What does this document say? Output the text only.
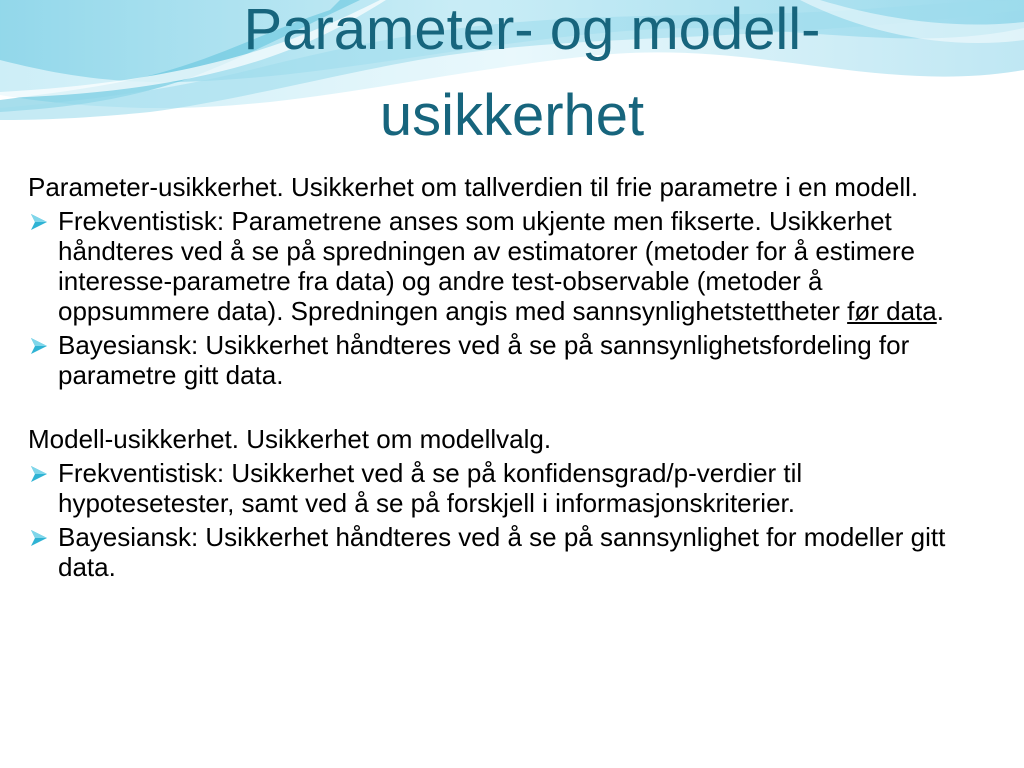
Parameter- og modell-
usikkerhet

Parameter-usikkerhet. Usikkerhet om tallverdien til frie parametre i en modell.

Frekventistisk: Parametrene anses som ukjente men fikserte. Usikkerhet håndteres ved å se på spredningen av estimatorer (metoder for å estimere interesse-parametre fra data) og andre test-observable (metoder å oppsummere data). Spredningen angis med sannsynlighetstettheter før data.
Bayesiansk: Usikkerhet håndteres ved å se på sannsynlighetsfordeling for parametre gitt data.

Modell-usikkerhet. Usikkerhet om modellvalg.

Frekventistisk: Usikkerhet ved å se på konfidensgrad/p-verdier til hypotesetester, samt ved å se på forskjell i informasjonskriterier.
Bayesiansk: Usikkerhet håndteres ved å se på sannsynlighet for modeller gitt data.
